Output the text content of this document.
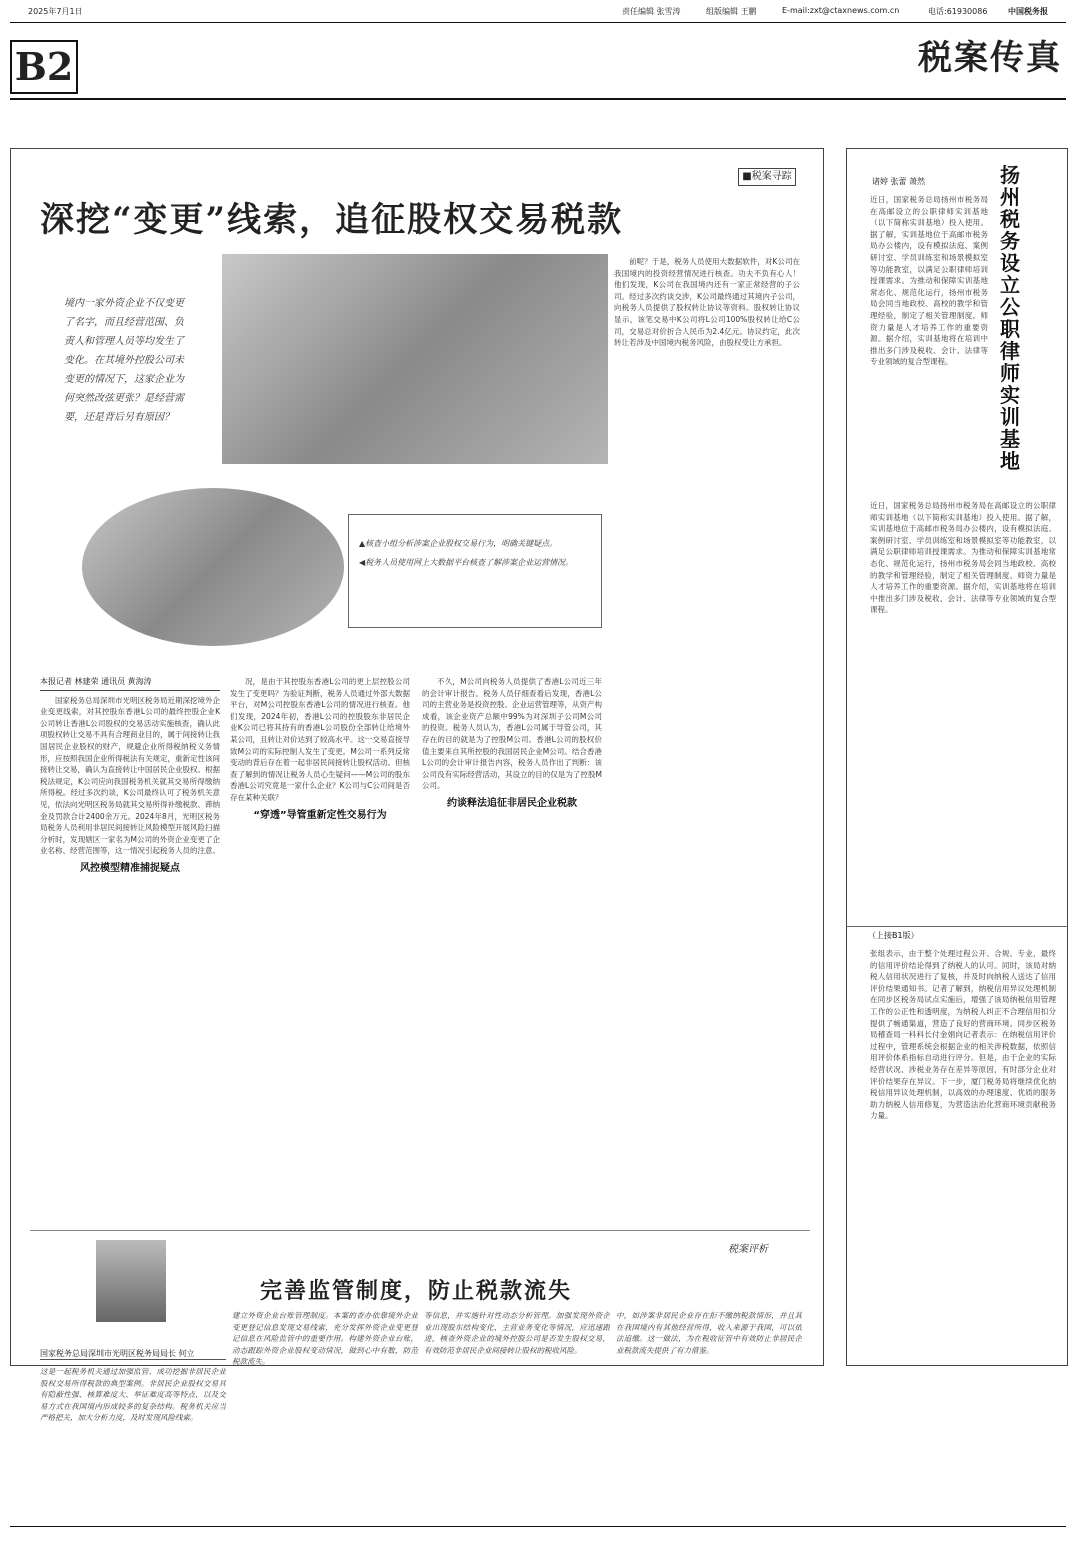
2025年7月1日	责任编辑 张雪涛	组版编辑 王鹏	E-mail:zxt@ctaxnews.com.cn	电话:61930086	中国税务报
B2	税案传真
■税案寻踪
深挖“变更”线索，追征股权交易税款
境内一家外资企业不仅变更了名字，而且经营范围、负责人和管理人员等均发生了变化。在其境外控股公司未变更的情况下，这家企业为何突然改弦更张？是经营需要，还是背后另有原因？
▲核查小组分析涉案企业股权交易行为，明确关键疑点。
◀税务人员使用网上大数据平台核查了解涉案企业运营情况。
本报记者 林建荣 通讯员 黄海涛

国家税务总局深圳市光明区税务局近期深挖境外企业变更线索，对其控股东香港L公司的最终控股企业K公司转让香港L公司股权的交易活动实施核查，确认此项股权转让交易不具有合理商业目的，属于间接转让我国居民企业股权的财产，规避企业所得税纳税义务情形，应按照我国企业所得税法有关规定，重新定性该间接转让交易，确认为直接转让中国居民企业股权。根据税法规定，K公司应向我国税务机关就其交易所得缴纳所得税。经过多次约谈，K公司最终认可了税务机关意见，依法向光明区税务局就其交易所得补缴税款、滞纳金及罚款合计2400余万元。2024年8月，光明区税务局税务人员利用非居民间接转让风险模型开展风险扫描分析时，发现辖区一家名为M公司的外资企业变更了企业名称、经营范围等，这一情况引起税务人员的注意。

风控模型精准捕捉疑点

况，是由于其控股东香港L公司的更上层控股公司发生了变更吗？为验证判断，税务人员通过外部大数据平台，对M公司控股东香港L公司的情况进行核查。他们发现，2024年初，香港L公司的控股股东非居民企业K公司已将其持有的香港L公司股份全部转让给境外某公司，且转让对价达到了较高水平。这一交易直接导致M公司的实际控制人发生了变更。M公司一系列反常变动的背后存在着一起非居民间接转让股权活动。但核查了解到的情况让税务人员心生疑问——M公司的股东香港L公司究竟是一家什么企业？K公司与C公司间是否存在某种关联？

“穿透”导管重新定性交易行为

不久，M公司向税务人员提供了香港L公司近三年的会计审计报告。税务人员仔细查看后发现，香港L公司的主营业务是投资控股、企业运营管理等，从资产构成看，该企业资产总额中99%为对深圳子公司M公司的投资。税务人员认为，香港L公司属于导管公司，其存在的目的就是为了控股M公司。香港L公司的股权价值主要来自其所控股的我国居民企业M公司。结合香港L公司的会计审计报告内容，税务人员作出了判断：该公司没有实际经营活动，其设立的目的仅是为了控股M公司。

约谈释法追征非居民企业税款

前呢？于是，税务人员使用大数据软件，对K公司在我国境内的投资经营情况进行核查。功夫不负有心人！他们发现，K公司在我国境内还有一家正常经营的子公司。经过多次约谈交涉，K公司最终通过其境内子公司，向税务人员提供了股权转让协议等资料。股权转让协议显示，该笔交易中K公司将L公司100%股权转让给C公司，交易总对价折合人民币为2.4亿元。协议约定，此次转让若涉及中国境内税务风险，由股权受让方承担。

税案评析
完善监管制度，防止税款流失
国家税务总局深圳市光明区税务局局长 何立
这是一起税务机关通过加强监管、成功挖掘非居民企业股权交易所得税款的典型案例。非居民企业股权交易具有隐蔽性强、核算难度大、举证难度高等特点，以及交易方式在我国境内形成较多的复杂结构。税务机关应当严格把关，加大分析力度，及时发现风险线索。
建立外资企业台账管理制度。本案的查办依靠境外企业变更登记信息发现交易线索，充分发挥外资企业变更登记信息在风险监管中的重要作用。构建外资企业台账，动态跟踪外资企业股权变动情况，做到心中有数，防范税款流失。
等信息，并实施针对性动态分析管理。加强发现外资企业出现股东结构变化、主营业务变化等情况，应迅速跟进，核查外资企业的境外控股公司是否发生股权交易，有效防范非居民企业间接转让股权的税收风险。
中，如涉案非居民企业存在拒不缴纳税款情形，并且其在我国境内有其他经营所得，收入来源于我国，可以依法追缴。这一做法，为在税收征管中有效防止非居民企业税款流失提供了有力借鉴。
诸婷 张蕾 萧然	扬州税务设立公职律师实训基地
近日，国家税务总局扬州市税务局在高邮设立的公职律师实训基地（以下简称实训基地）投入使用。据了解，实训基地位于高邮市税务局办公楼内，设有模拟法庭、案例研讨室、学员训练室和场景模拟室等功能教室，以满足公职律师培训授课需求。为推动和保障实训基地常态化、规范化运行，扬州市税务局会同当地政校、高校的教学和管理经验，制定了相关管理制度。师资力量是人才培养工作的重要资源。据介绍，实训基地将在培训中推出多门涉及税收、会计、法律等专业领域的复合型课程。
近日，国家税务总局扬州市税务局在高邮设立的公职律师实训基地（以下简称实训基地）投入使用。据了解，实训基地位于高邮市税务局办公楼内，设有模拟法庭、案例研讨室、学员训练室和场景模拟室等功能教室，以满足公职律师培训授课需求。为推动和保障实训基地常态化、规范化运行，扬州市税务局会同当地政校、高校的教学和管理经验，制定了相关管理制度。师资力量是人才培养工作的重要资源。据介绍，实训基地将在培训中推出多门涉及税收、会计、法律等专业领域的复合型课程。
（上接B1版）
张组表示，由于整个处理过程公开、合规、专业，最终的信用评价结论得到了纳税人的认可。同时，该局对纳税人信用状况进行了复核，并及时向纳税人送达了信用评价结果通知书。记者了解到，纳税信用异议处理机制在同步区税务局试点实施后，增强了该局纳税信用管理工作的公正性和透明度，为纳税人纠正不合理信用扣分提供了畅通渠道，营造了良好的营商环境。同步区税务局稽查局一科科长付金娟向记者表示：在纳税信用评价过程中，管理系统会根据企业的相关涉税数据，依照信用评价体系指标自动进行评分。但是，由于企业的实际经营状况、涉税业务存在差异等原因，有时部分企业对评价结果存在异议。下一步，厦门税务局将继续优化纳税信用异议处理机制，以高效的办理速度、优质的服务助力纳税人信用修复，为营造法治化营商环境贡献税务力量。
